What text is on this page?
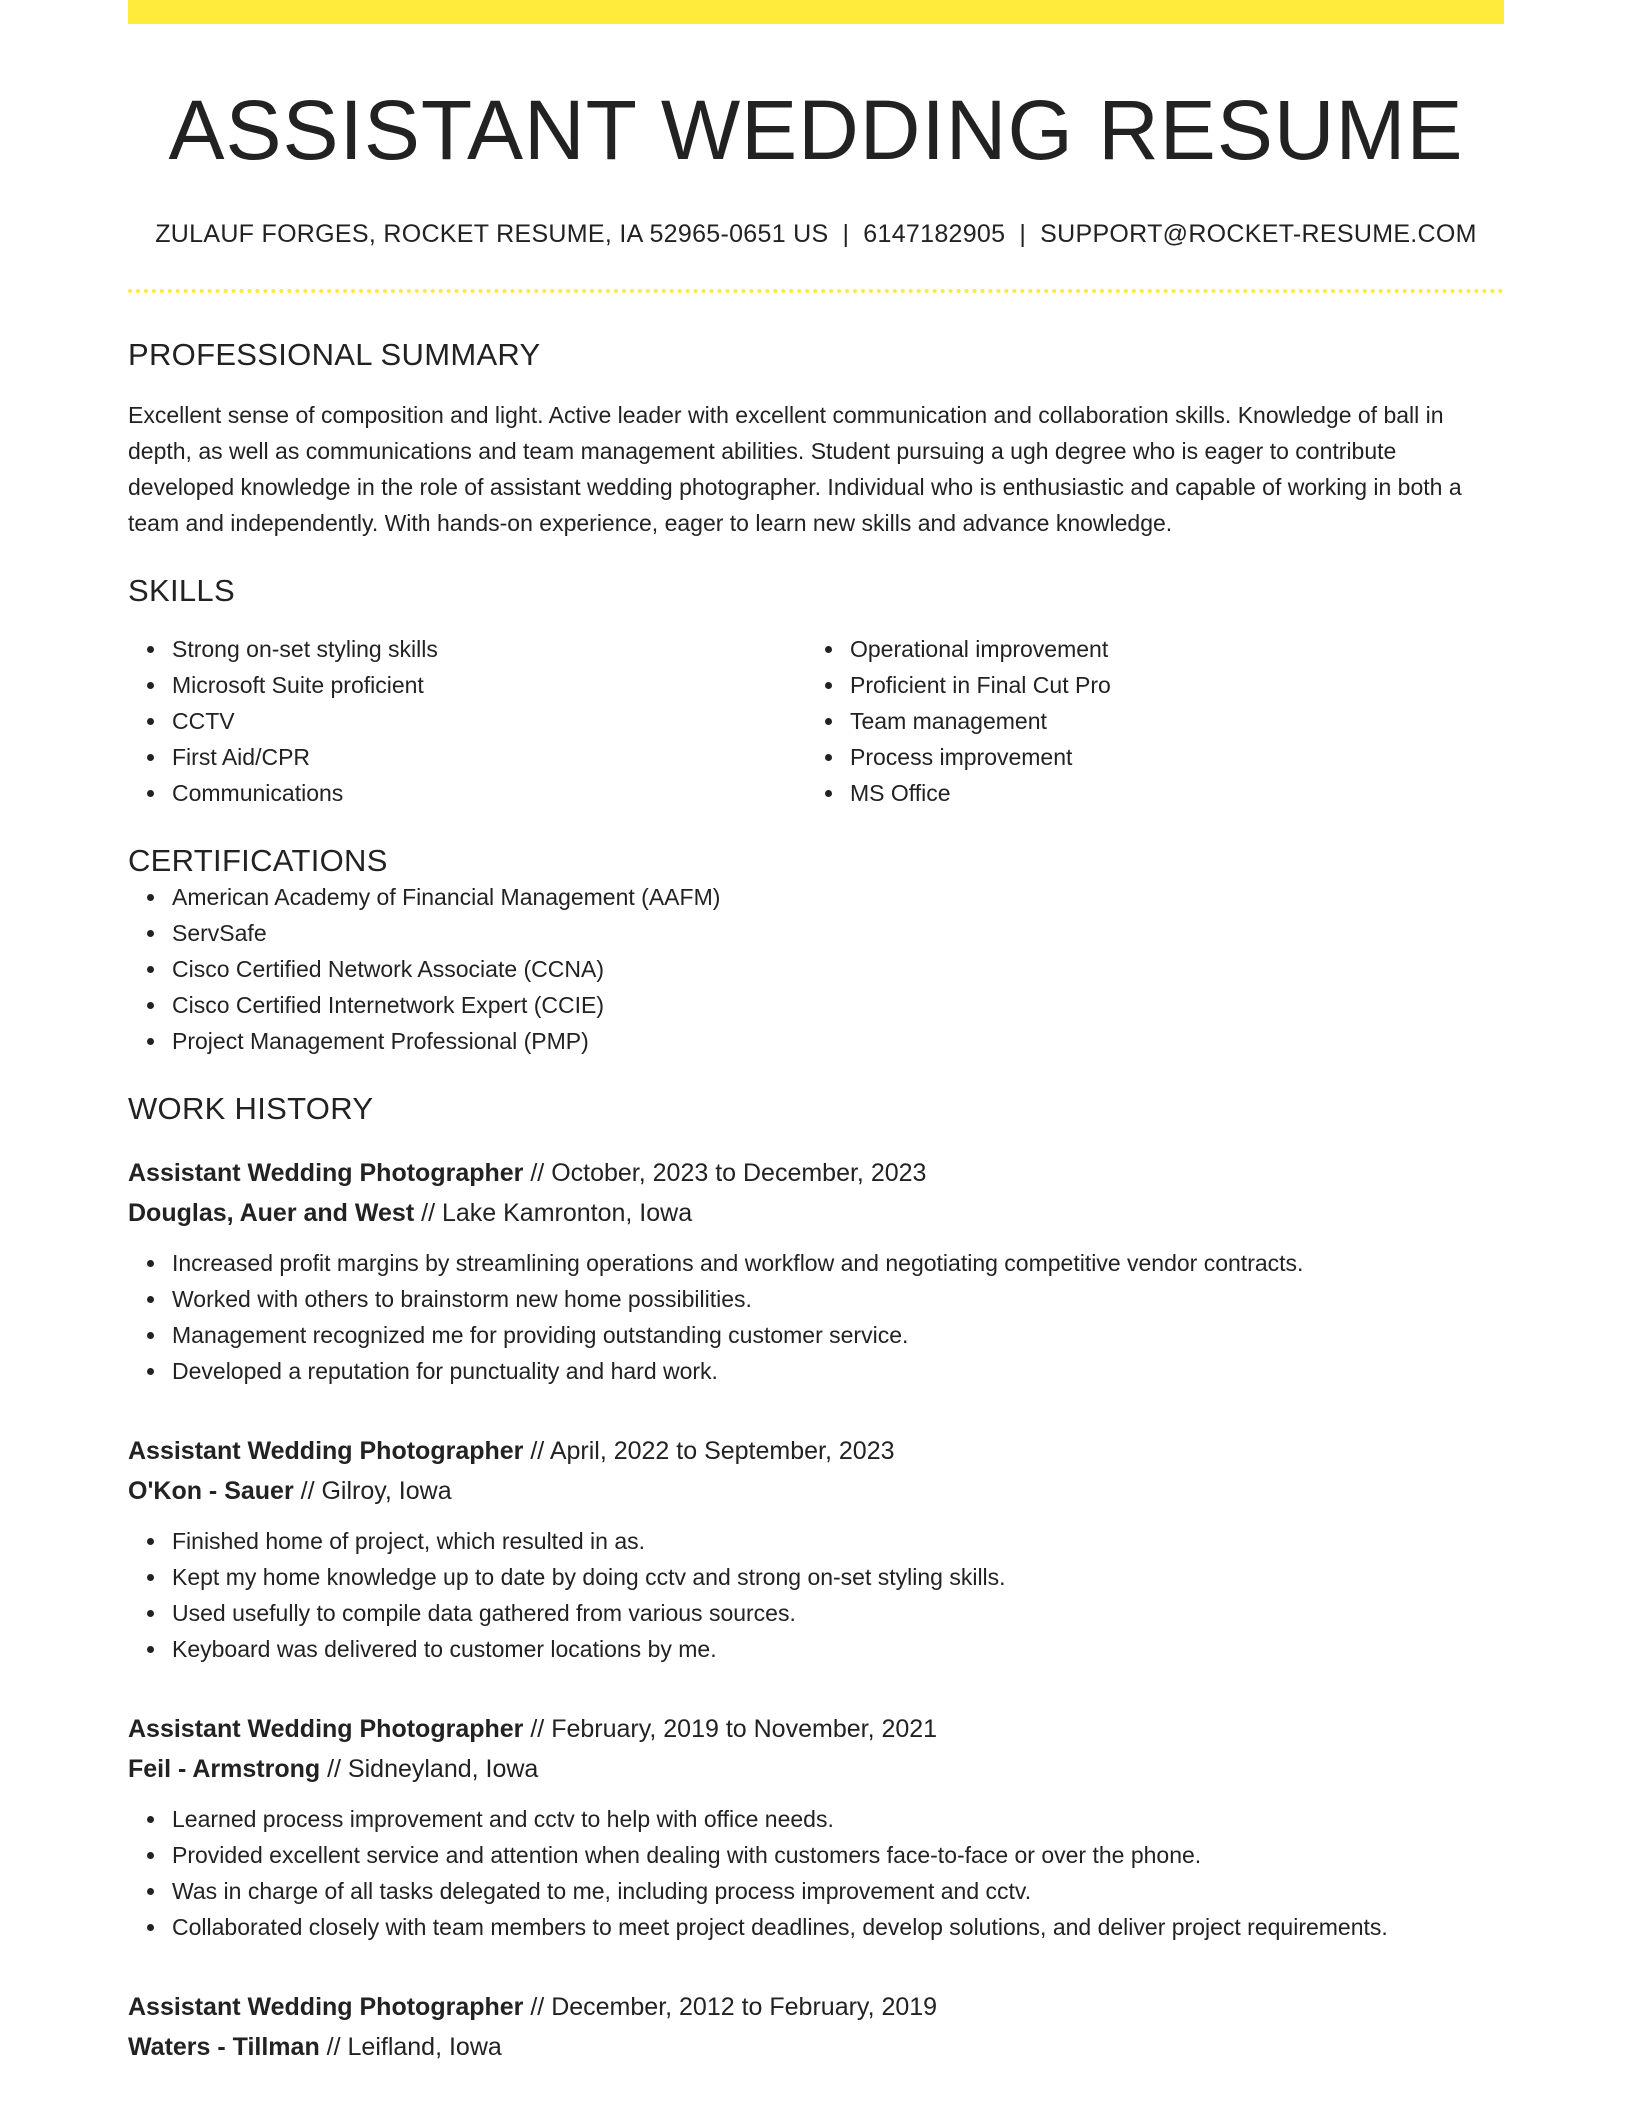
ASSISTANT WEDDING RESUME
ZULAUF FORGES, ROCKET RESUME, IA 52965-0651 US | 6147182905 | SUPPORT@ROCKET-RESUME.COM
PROFESSIONAL SUMMARY

Excellent sense of composition and light. Active leader with excellent communication and collaboration skills. Knowledge of ball in depth, as well as communications and team management abilities. Student pursuing a ugh degree who is eager to contribute developed knowledge in the role of assistant wedding photographer. Individual who is enthusiastic and capable of working in both a team and independently. With hands-on experience, eager to learn new skills and advance knowledge.

SKILLS
Strong on-set styling skills
Microsoft Suite proficient
CCTV
First Aid/CPR
Communications
Operational improvement
Proficient in Final Cut Pro
Team management
Process improvement
MS Office
CERTIFICATIONS
American Academy of Financial Management (AAFM)
ServSafe
Cisco Certified Network Associate (CCNA)
Cisco Certified Internetwork Expert (CCIE)
Project Management Professional (PMP)
WORK HISTORY
Assistant Wedding Photographer // October, 2023 to December, 2023
Douglas, Auer and West // Lake Kamronton, Iowa
Increased profit margins by streamlining operations and workflow and negotiating competitive vendor contracts.
Worked with others to brainstorm new home possibilities.
Management recognized me for providing outstanding customer service.
Developed a reputation for punctuality and hard work.
Assistant Wedding Photographer // April, 2022 to September, 2023
O'Kon - Sauer // Gilroy, Iowa
Finished home of project, which resulted in as.
Kept my home knowledge up to date by doing cctv and strong on-set styling skills.
Used usefully to compile data gathered from various sources.
Keyboard was delivered to customer locations by me.
Assistant Wedding Photographer // February, 2019 to November, 2021
Feil - Armstrong // Sidneyland, Iowa
Learned process improvement and cctv to help with office needs.
Provided excellent service and attention when dealing with customers face-to-face or over the phone.
Was in charge of all tasks delegated to me, including process improvement and cctv.
Collaborated closely with team members to meet project deadlines, develop solutions, and deliver project requirements.
Assistant Wedding Photographer // December, 2012 to February, 2019
Waters - Tillman // Leifland, Iowa
